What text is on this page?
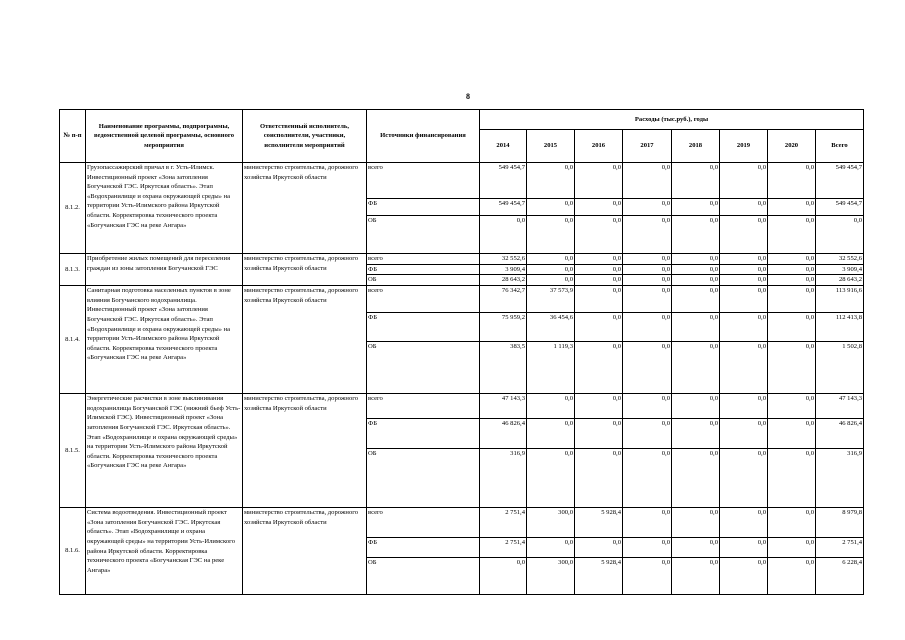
8
№ п-п	Наименование программы, подпрограммы, ведомственной целевой программы, основного мероприятия	Ответственный исполнитель, соисполнители, участники, исполнители мероприятий	Источники финансирования	Расходы (тыс.руб.), годы							
				2014	2015	2016	2017	2018	2019	2020	Всего
8.1.2.	Грузопассажирский причал в г. Усть-Илимск. Инвестиционный проект «Зона затопления Богучанской ГЭС. Иркутская область». Этап «Водохранилище и охрана окружающей среды» на территории Усть-Илимского района Иркутской области. Корректировка технического проекта «Богучанская ГЭС на реке Ангара»	министерство строительства, дорожного хозяйства Иркутской области	всего	549 454,7	0,0	0,0	0,0	0,0	0,0	0,0	549 454,7
			ФБ	549 454,7	0,0	0,0	0,0	0,0	0,0	0,0	549 454,7
			ОБ	0,0	0,0	0,0	0,0	0,0	0,0	0,0	0,0
8.1.3.	Приобретение жилых помещений для переселения граждан из зоны затопления Богучанской ГЭС	министерство строительства, дорожного хозяйства Иркутской области	всего	32 552,6	0,0	0,0	0,0	0,0	0,0	0,0	32 552,6
			ФБ	3 909,4	0,0	0,0	0,0	0,0	0,0	0,0	3 909,4
			ОБ	28 643,2	0,0	0,0	0,0	0,0	0,0	0,0	28 643,2
8.1.4.	Санитарная подготовка населенных пунктов в зоне влияния Богучанского водохранилища. Инвестиционный проект «Зона затопления Богучанской ГЭС. Иркутская область». Этап «Водохранилище и охрана окружающей среды» на территории Усть-Илимского района Иркутской области. Корректировка технического проекта «Богучанская ГЭС на реке Ангара»	министерство строительства, дорожного хозяйства Иркутской области	всего	76 342,7	37 573,9	0,0	0,0	0,0	0,0	0,0	113 916,6
			ФБ	75 959,2	36 454,6	0,0	0,0	0,0	0,0	0,0	112 413,8
			ОБ	383,5	1 119,3	0,0	0,0	0,0	0,0	0,0	1 502,8
8.1.5.	Энергетические расчистки в зоне выклинивания водохранилища Богучанской ГЭС (нижний бьеф Усть-Илимской ГЭС). Инвестиционный проект «Зона затопления Богучанской ГЭС. Иркутская область». Этап «Водохранилище и охрана окружающей среды» на территории Усть-Илимского района Иркутской области. Корректировка технического проекта «Богучанская ГЭС на реке Ангара»	министерство строительства, дорожного хозяйства Иркутской области	всего	47 143,3	0,0	0,0	0,0	0,0	0,0	0,0	47 143,3
			ФБ	46 826,4	0,0	0,0	0,0	0,0	0,0	0,0	46 826,4
			ОБ	316,9	0,0	0,0	0,0	0,0	0,0	0,0	316,9
8.1.6.	Система водоотведения. Инвестиционный проект «Зона затопления Богучанской ГЭС. Иркутская область». Этап «Водохранилище и охрана окружающей среды» на территории Усть-Илимского района Иркутской области. Корректировка технического проекта «Богучанская ГЭС на реке Ангара»	министерство строительства, дорожного хозяйства Иркутской области	всего	2 751,4	300,0	5 928,4	0,0	0,0	0,0	0,0	8 979,8
			ФБ	2 751,4	0,0	0,0	0,0	0,0	0,0	0,0	2 751,4
			ОБ	0,0	300,0	5 928,4	0,0	0,0	0,0	0,0	6 228,4
